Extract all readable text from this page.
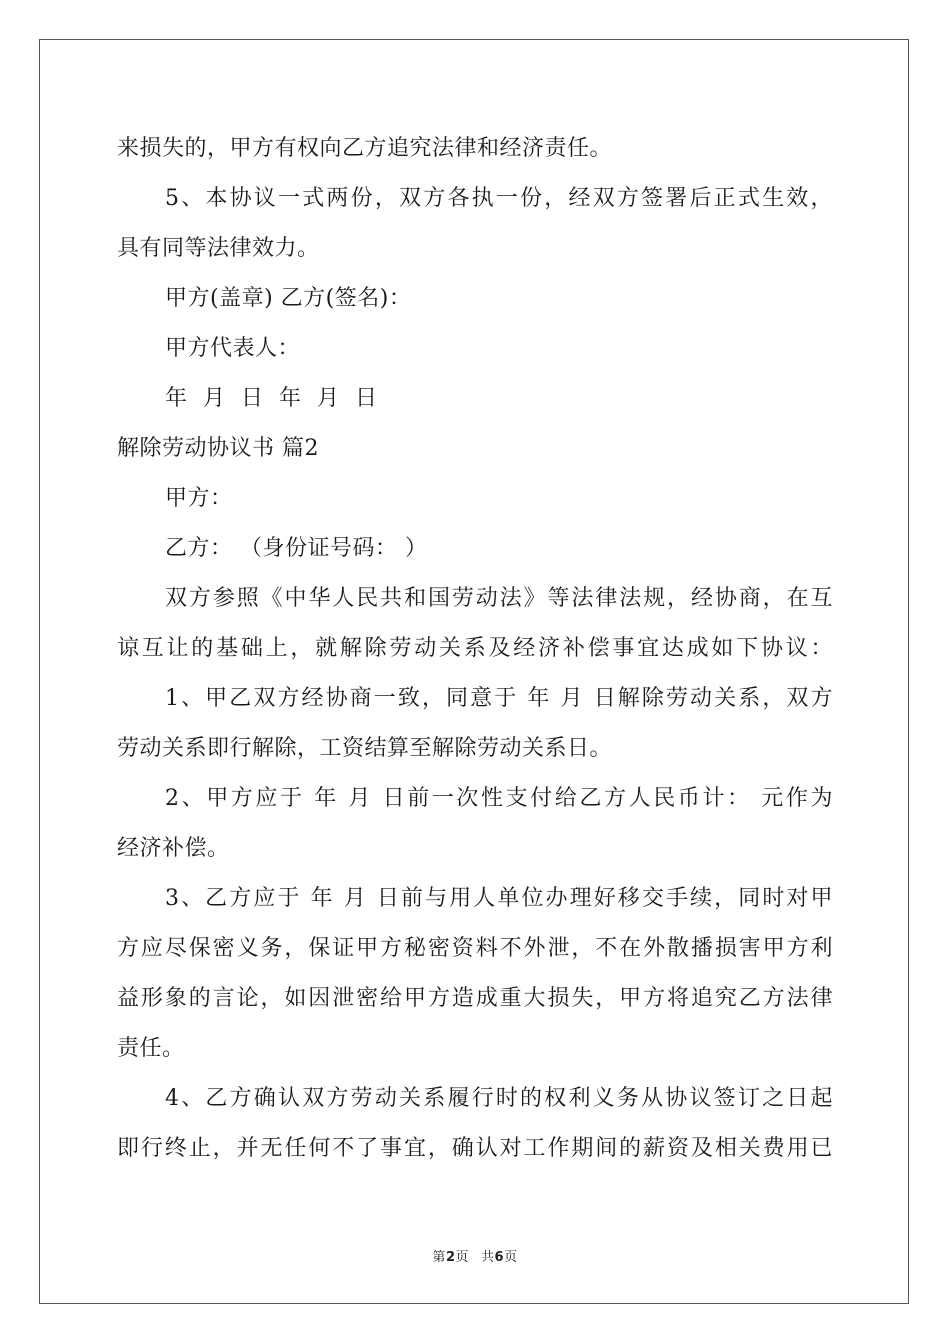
来损失的，甲方有权向乙方追究法律和经济责任。
5、本协议一式两份，双方各执一份，经双方签署后正式生效，
具有同等法律效力。
甲方(盖章) 乙方(签名)：
甲方代表人：
年 月 日 年 月 日
解除劳动协议书 篇2
甲方：
乙方： （身份证号码： ）
双方参照《中华人民共和国劳动法》等法律法规，经协商，在互
谅互让的基础上，就解除劳动关系及经济补偿事宜达成如下协议：
1、甲乙双方经协商一致，同意于 年 月 日解除劳动关系，双方
劳动关系即行解除，工资结算至解除劳动关系日。
2、甲方应于 年 月 日前一次性支付给乙方人民币计： 元作为
经济补偿。
3、乙方应于 年 月 日前与用人单位办理好移交手续，同时对甲
方应尽保密义务，保证甲方秘密资料不外泄，不在外散播损害甲方利
益形象的言论，如因泄密给甲方造成重大损失，甲方将追究乙方法律
责任。
4、乙方确认双方劳动关系履行时的权利义务从协议签订之日起
即行终止，并无任何不了事宜，确认对工作期间的薪资及相关费用已
第2页 共6页
